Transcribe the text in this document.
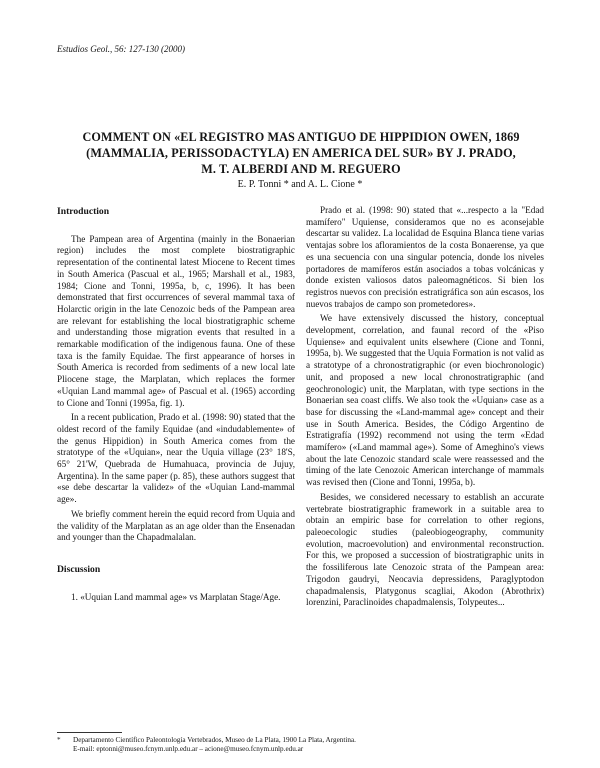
Estudios Geol., 56: 127-130 (2000)
COMMENT ON «EL REGISTRO MAS ANTIGUO DE HIPPIDION OWEN, 1869
(MAMMALIA, PERISSODACTYLA) EN AMERICA DEL SUR» BY J. PRADO,
M. T. ALBERDI AND M. REGUERO
E. P. Tonni * and A. L. Cione *
Introduction

The Pampean area of Argentina (mainly in the Bonaerian region) includes the most complete biostratigraphic representation of the continental latest Miocene to Recent times in South America (Pascual et al., 1965; Marshall et al., 1983, 1984; Cione and Tonni, 1995a, b, c, 1996). It has been demonstrated that first occurrences of several mammal taxa of Holarctic origin in the late Cenozoic beds of the Pampean area are relevant for establishing the local biostratigraphic scheme and understanding those migration events that resulted in a remarkable modification of the indigenous fauna. One of these taxa is the family Equidae. The first appearance of horses in South America is recorded from sediments of a new local late Pliocene stage, the Marplatan, which replaces the former «Uquian Land mammal age» of Pascual et al. (1965) according to Cione and Tonni (1995a, fig. 1).

In a recent publication, Prado et al. (1998: 90) stated that the oldest record of the family Equidae (and «indudablemente» of the genus Hippidion) in South America comes from the stratotype of the «Uquian», near the Uquia village (23° 18'S, 65° 21'W, Quebrada de Humahuaca, provincia de Jujuy, Argentina). In the same paper (p. 85), these authors suggest that «se debe descartar la validez» of the «Uquian Land-mammal age».

We briefly comment herein the equid record from Uquia and the validity of the Marplatan as an age older than the Ensenadan and younger than the Chapadmalalan.

Discussion

1. «Uquian Land mammal age» vs Marplatan Stage/Age.

Prado et al. (1998: 90) stated that «...respecto a la "Edad mamífero" Uquiense, consideramos que no es aconsejable descartar su validez. La localidad de Esquina Blanca tiene varias ventajas sobre los afloramientos de la costa Bonaerense, ya que es una secuencia con una singular potencia, donde los niveles portadores de mamíferos están asociados a tobas volcánicas y donde existen valiosos datos paleomagnéticos. Si bien los registros nuevos con precisión estratigráfica son aún escasos, los nuevos trabajos de campo son prometedores».

We have extensively discussed the history, conceptual development, correlation, and faunal record of the «Piso Uquiense» and equivalent units elsewhere (Cione and Tonni, 1995a, b). We suggested that the Uquia Formation is not valid as a stratotype of a chronostratigraphic (or even biochronologic) unit, and proposed a new local chronostratigraphic (and geochronologic) unit, the Marplatan, with type sections in the Bonaerian sea coast cliffs. We also took the «Uquian» case as a base for discussing the «Land-mammal age» concept and their use in South America. Besides, the Código Argentino de Estratigrafía (1992) recommend not using the term «Edad mamífero» («Land mammal age»). Some of Ameghino's views about the late Cenozoic standard scale were reassessed and the timing of the late Cenozoic American interchange of mammals was revised then (Cione and Tonni, 1995a, b).

Besides, we considered necessary to establish an accurate vertebrate biostratigraphic framework in a suitable area to obtain an empiric base for correlation to other regions, paleoecologic studies (paleobiogeography, community evolution, macroevolution) and environmental reconstruction. For this, we proposed a succession of biostratigraphic units in the fossiliferous late Cenozoic strata of the Pampean area: Trigodon gaudryi, Neocavia depressidens, Paraglyptodon chapadmalensis, Platygonus scagliai, Akodon (Abrothrix) lorenzini, Paraclinoides chapadmalensis, Tolypeutes...

*	Departamento Científico Paleontología Vertebrados, Museo de La Plata, 1900 La Plata, Argentina.
E-mail: eptonni@museo.fcnym.unlp.edu.ar – acione@museo.fcnym.unlp.edu.ar
